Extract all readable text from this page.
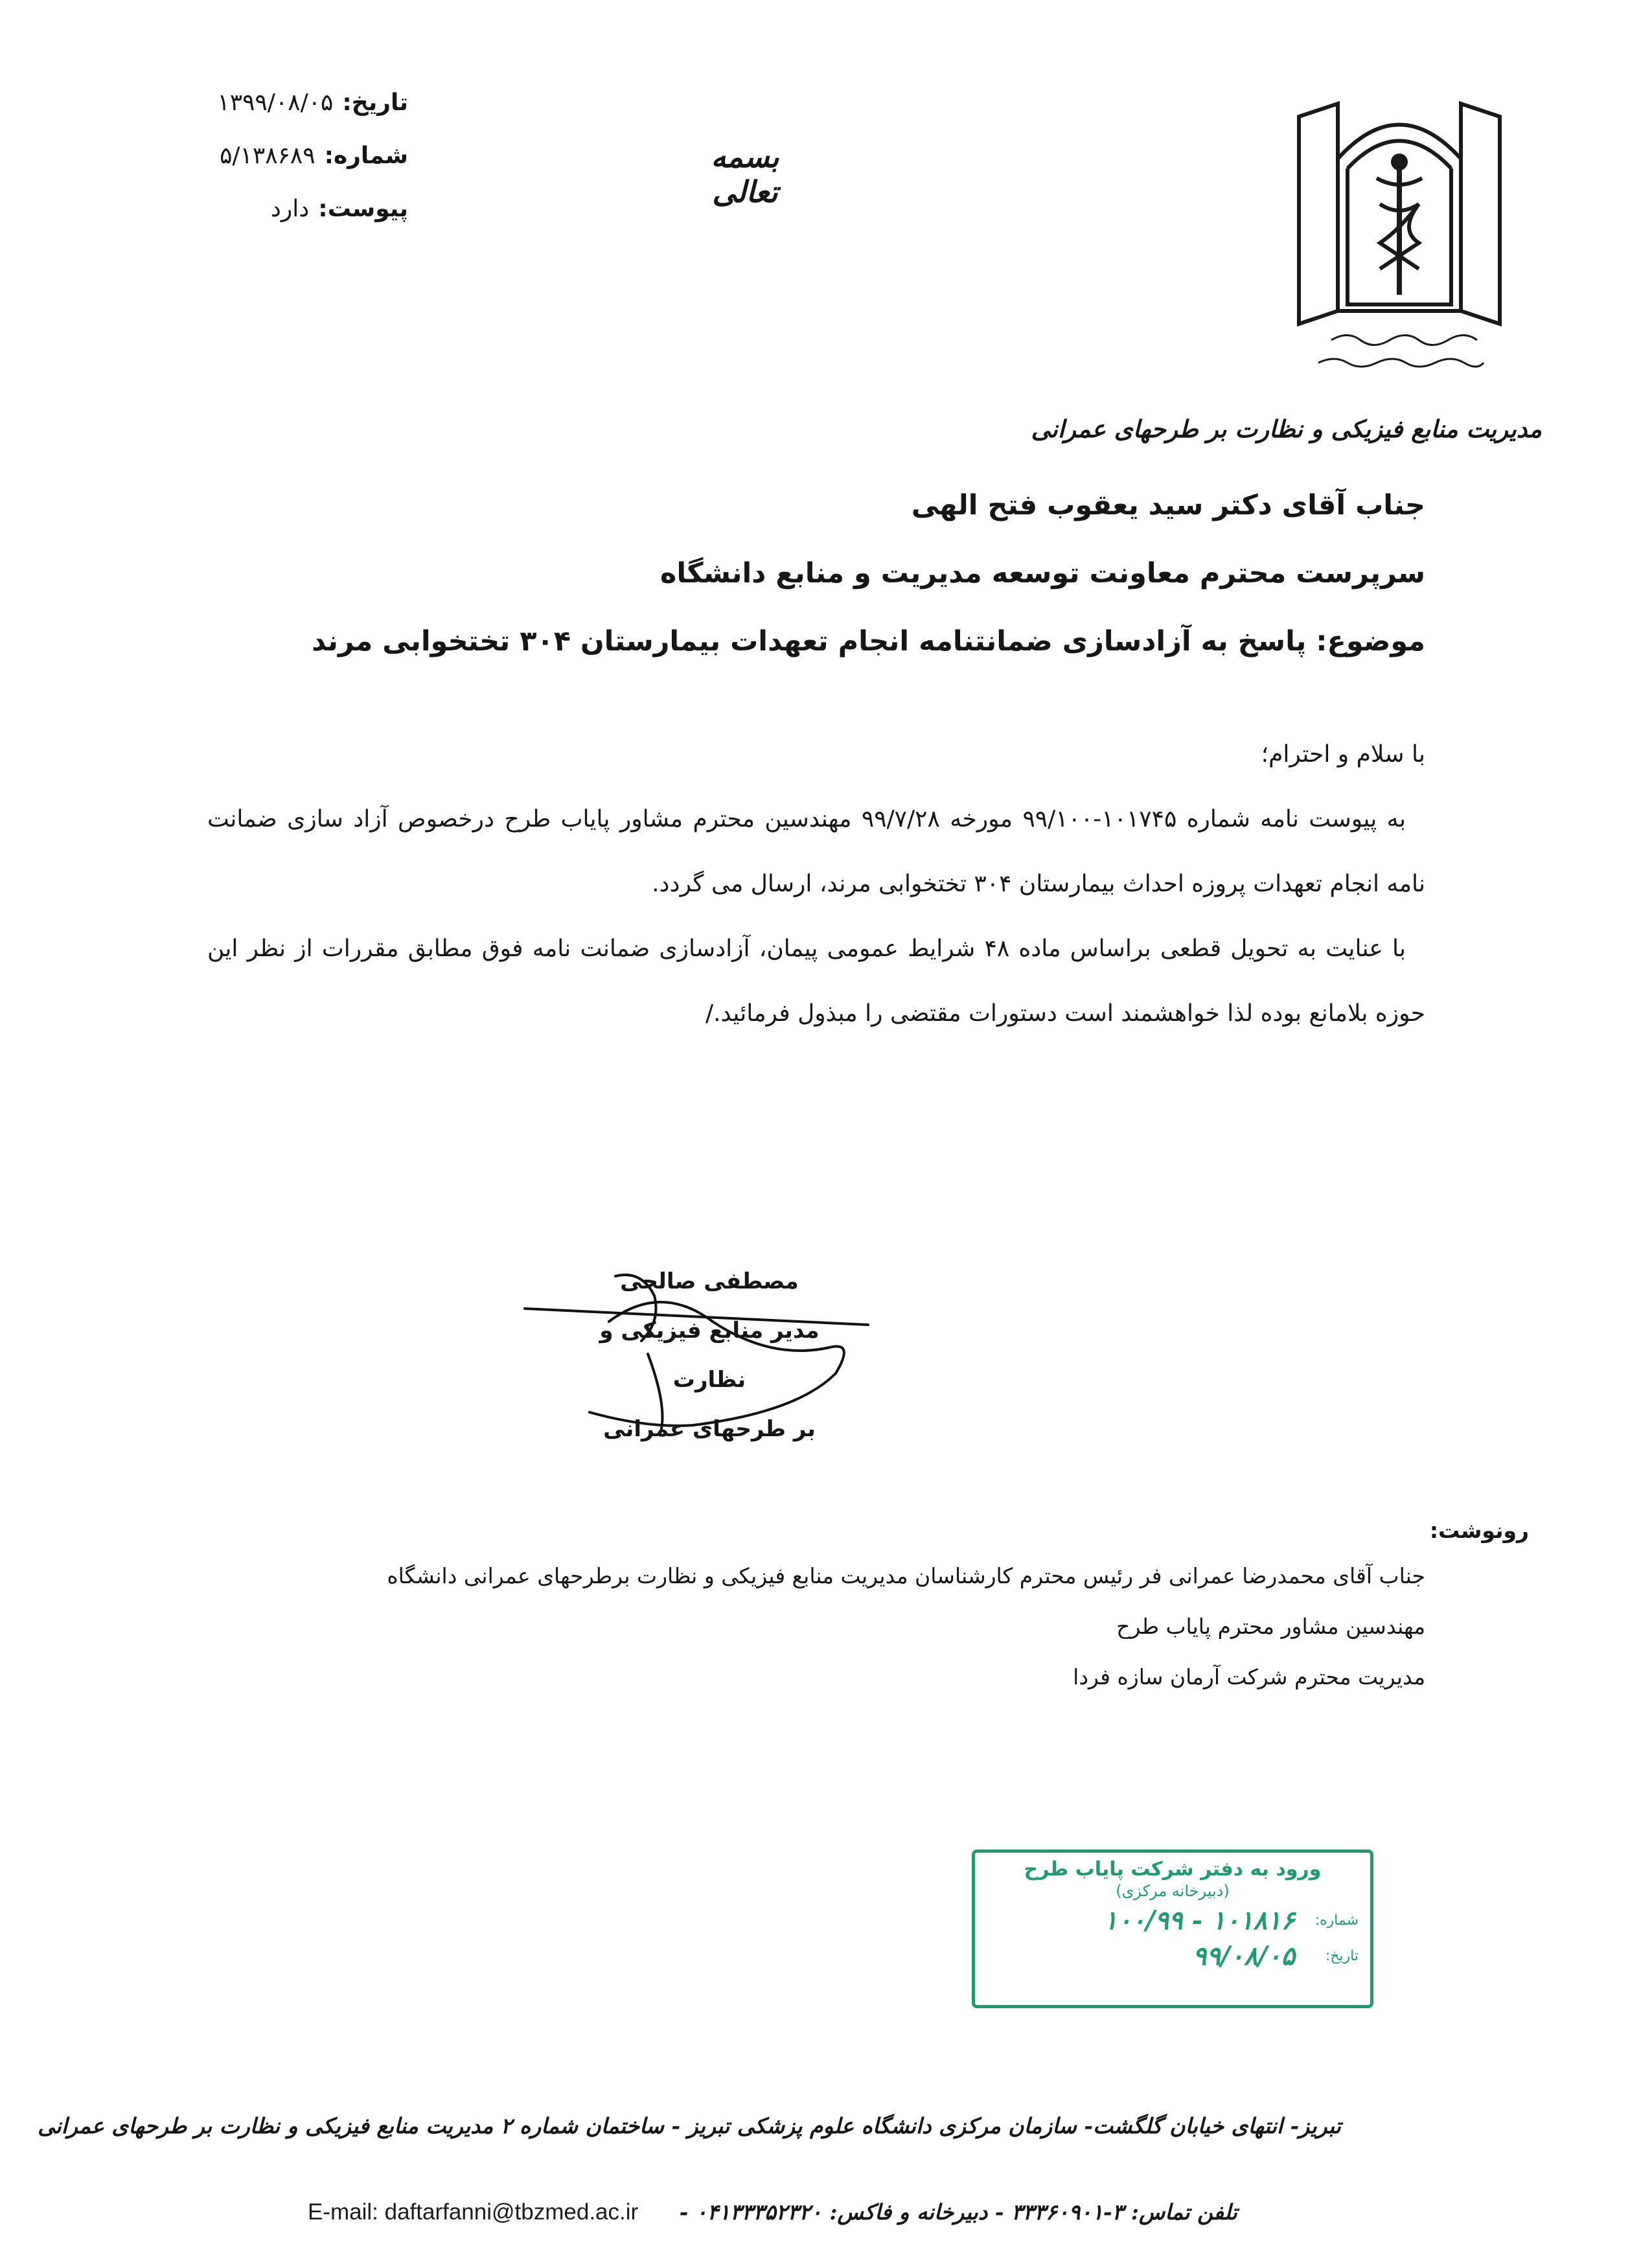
تاریخ:
۱۳۹۹/۰۸/۰۵
شماره:
۵/۱۳۸۶۸۹
پیوست:
دارد
بسمه تعالی
مدیریت منابع فیزیکی و نظارت بر طرحهای عمرانی
جناب آقای دکتر سید یعقوب فتح الهی
سرپرست محترم معاونت توسعه مدیریت و منابع دانشگاه
موضوع: پاسخ به آزادسازی ضمانتنامه انجام تعهدات بیمارستان ۳۰۴ تختخوابی مرند

با سلام و احترام؛

به پیوست نامه شماره ۱۰۱۷۴۵-۹۹/۱۰۰ مورخه ۹۹/۷/۲۸ مهندسین محترم مشاور پایاب طرح درخصوص آزاد سازی ضمانت نامه انجام تعهدات پروزه احداث بیمارستان ۳۰۴ تختخوابی مرند، ارسال می گردد.

با عنایت به تحویل قطعی براساس ماده ۴۸ شرایط عمومی پیمان، آزادسازی ضمانت نامه فوق مطابق مقررات از نظر این حوزه بلامانع بوده لذا خواهشمند است دستورات مقتضی را مبذول فرمائید./

مصطفی صالحی
مدیر منابع فیزیکی و نظارت
بر طرحهای عمرانی
رونوشت:

جناب آقای محمدرضا عمرانی فر رئیس محترم کارشناسان مدیریت منابع فیزیکی و نظارت برطرحهای عمرانی دانشگاه

مهندسین مشاور محترم پایاب طرح

مدیریت محترم شرکت آرمان سازه فردا

ورود به دفتر شرکت پایاب طرح
(دبیرخانه مرکزی)
شماره:
۱۰۰/۹۹ - ۱۰۱۸۱۶
تاریخ:
۹۹/۰۸/۰۵
تبریز- انتهای خیابان گلگشت- سازمان مرکزی دانشگاه علوم پزشکی تبریز - ساختمان شماره ۲ مدیریت منابع فیزیکی و نظارت بر طرحهای عمرانی
تلفن تماس: ۳-۳۳۳۶۰۹۰۱ - دبیرخانه و فاکس: ۰۴۱۳۳۳۵۲۳۲۰ -
E-mail: daftarfanni@tbzmed.ac.ir
